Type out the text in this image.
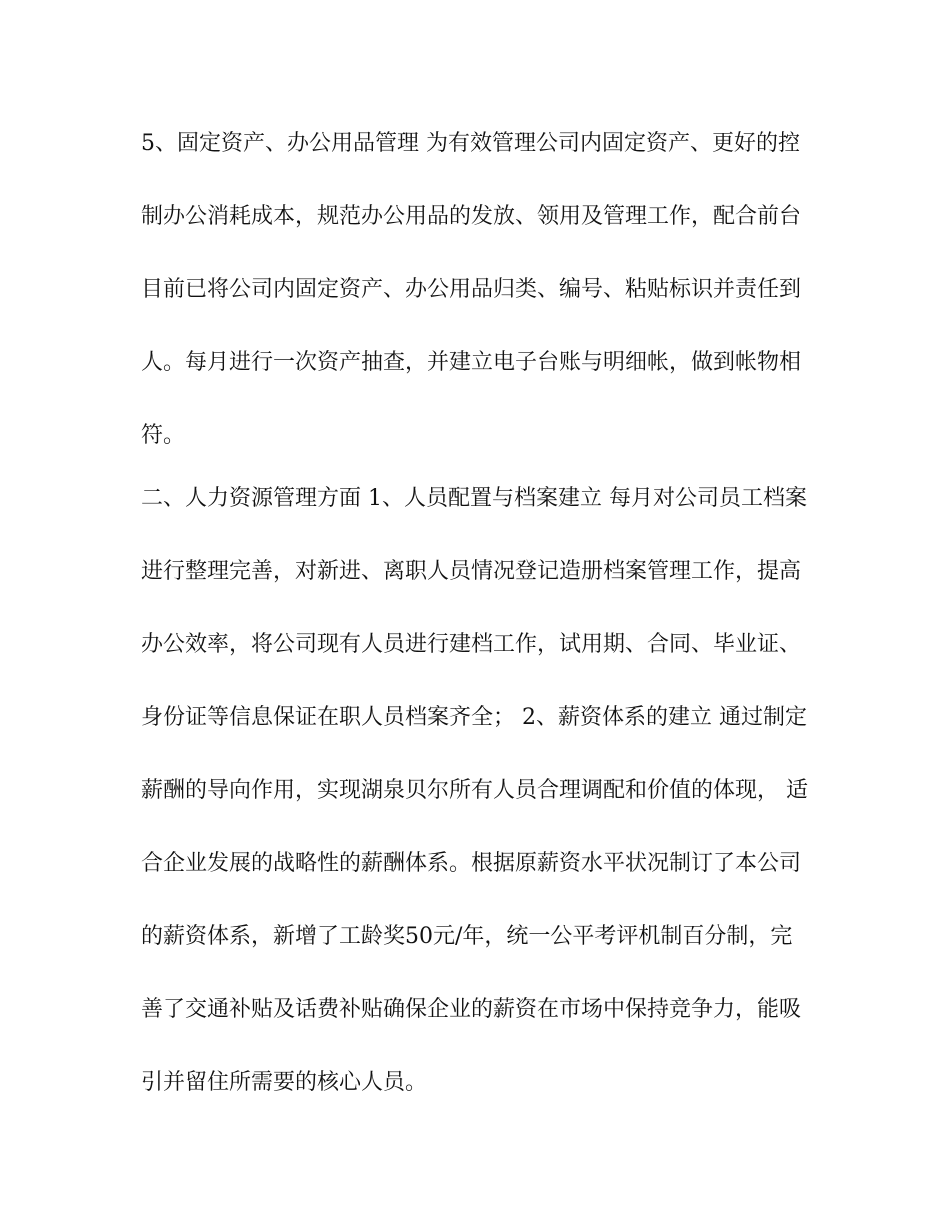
5、固定资产、办公用品管理 为有效管理公司内固定资产、更好的控
制办公消耗成本，规范办公用品的发放、领用及管理工作，配合前台
目前已将公司内固定资产、办公用品归类、编号、粘贴标识并责任到
人。每月进行一次资产抽查，并建立电子台账与明细帐，做到帐物相
符。
二、人力资源管理方面 1、人员配置与档案建立 每月对公司员工档案
进行整理完善，对新进、离职人员情况登记造册档案管理工作，提高
办公效率，将公司现有人员进行建档工作，试用期、合同、毕业证、
身份证等信息保证在职人员档案齐全； 2、薪资体系的建立 通过制定
薪酬的导向作用，实现湖泉贝尔所有人员合理调配和价值的体现， 适
合企业发展的战略性的薪酬体系。根据原薪资水平状况制订了本公司
的薪资体系，新增了工龄奖50元/年，统一公平考评机制百分制，完
善了交通补贴及话费补贴确保企业的薪资在市场中保持竞争力，能吸
引并留住所需要的核心人员。
